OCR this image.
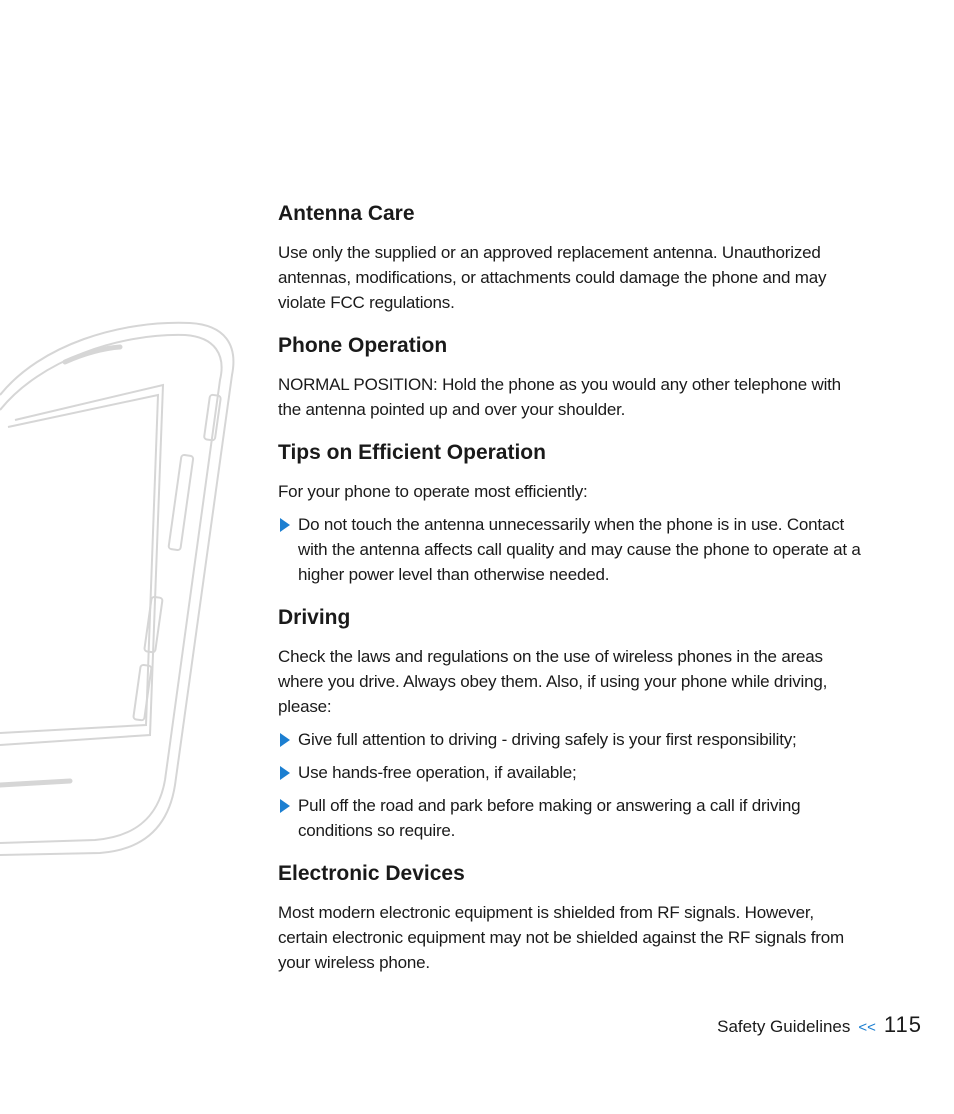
Antenna Care

Use only the supplied or an approved replacement antenna. Unauthorized antennas, modifications, or attachments could damage the phone and may violate FCC regulations.

Phone Operation

NORMAL POSITION: Hold the phone as you would any other telephone with the antenna pointed up and over your shoulder.

Tips on Efficient Operation

For your phone to operate most efficiently:

Do not touch the antenna unnecessarily when the phone is in use. Contact with the antenna affects call quality and may cause the phone to operate at a higher power level than otherwise needed.
Driving

Check the laws and regulations on the use of wireless phones in the areas where you drive. Always obey them. Also, if using your phone while driving, please:

Give full attention to driving - driving safely is your first responsibility;
Use hands-free operation, if available;
Pull off the road and park before making or answering a call if driving conditions so require.
Electronic Devices

Most modern electronic equipment is shielded from RF signals. However, certain electronic equipment may not be shielded against the RF signals from your wireless phone.

Safety Guidelines << 115
